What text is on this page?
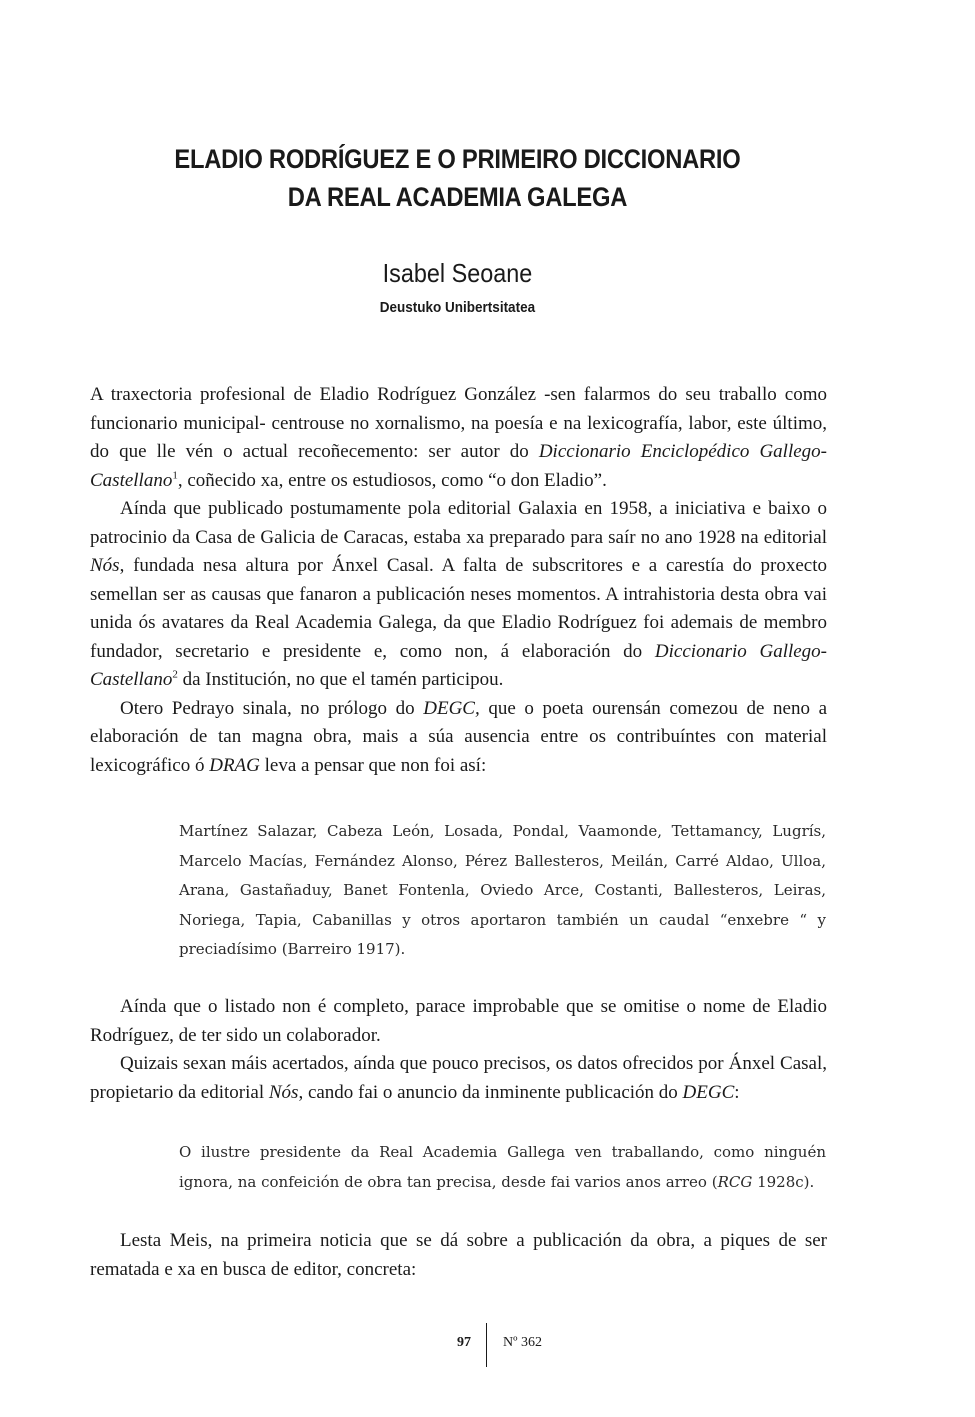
ELADIO RODRÍGUEZ E O PRIMEIRO DICCIONARIO
DA REAL ACADEMIA GALEGA
Isabel Seoane
Deustuko Unibertsitatea

A traxectoria profesional de Eladio Rodríguez González -sen falarmos do seu traballo como funcionario municipal- centrouse no xornalismo, na poesía e na lexicografía, labor, este último, do que lle vén o actual recoñecemento: ser autor do Diccionario Enciclopédico Gallego-Castellano$^1$, coñecido xa, entre os estudiosos, como “o don Eladio”.

Aínda que publicado postumamente pola editorial Galaxia en 1958, a iniciativa e baixo o patrocinio da Casa de Galicia de Caracas, estaba xa preparado para saír no ano 1928 na editorial Nós, fundada nesa altura por Ánxel Casal. A falta de subscritores e a carestía do proxecto semellan ser as causas que fanaron a publicación neses momentos. A intrahistoria desta obra vai unida ós avatares da Real Academia Galega, da que Eladio Rodríguez foi ademais de membro fundador, secretario e presidente e, como non, á elaboración do Diccionario Gallego-Castellano$^2$ da Institución, no que el tamén participou.

Otero Pedrayo sinala, no prólogo do DEGC, que o poeta ourensán comezou de neno a elaboración de tan magna obra, mais a súa ausencia entre os contribuíntes con material lexicográfico ó DRAG leva a pensar que non foi así:

Martínez Salazar, Cabeza León, Losada, Pondal, Vaamonde, Tettamancy, Lugrís, Marcelo Macías, Fernández Alonso, Pérez Ballesteros, Meilán, Carré Aldao, Ulloa, Arana, Gastañaduy, Banet Fontenla, Oviedo Arce, Costanti, Ballesteros, Leiras, Noriega, Tapia, Cabanillas y otros aportaron también un caudal “enxebre “ y preciadísimo (Barreiro 1917).

Aínda que o listado non é completo, parace improbable que se omitise o nome de Eladio Rodríguez, de ter sido un colaborador.

Quizais sexan máis acertados, aínda que pouco precisos, os datos ofrecidos por Ánxel Casal, propietario da editorial Nós, cando fai o anuncio da inminente publicación do DEGC:

O ilustre presidente da Real Academia Gallega ven traballando, como ninguén ignora, na confeición de obra tan precisa, desde fai varios anos arreo (RCG 1928c).

Lesta Meis, na primeira noticia que se dá sobre a publicación da obra, a piques de ser rematada e xa en busca de editor, concreta:

97 Nº 362
